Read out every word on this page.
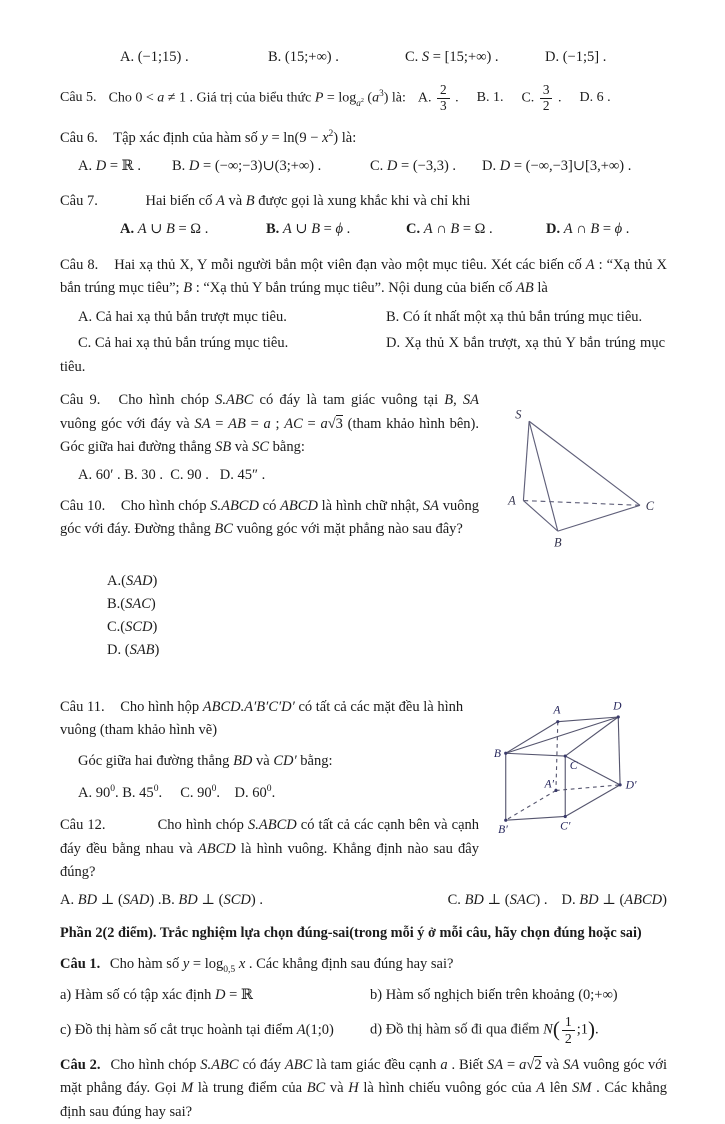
A. (−1;15) .	B. (15;+∞) .	C. S = [15;+∞) .	D. (−1;5] .
Câu 5. Cho 0 < a ≠ 1 . Giá trị của biểu thức $P = \log_{a^2} (a^3)$ là: A. $\frac{2}{3}$ . B. 1. C. $\frac{3}{2}$ . D. 6 .
Câu 6. Tập xác định của hàm số $y = \ln(9 - x^2)$ là:
A. D = ℝ .	B. D = (−∞;−3)∪(3;+∞) .	C. D = (−3,3) .	D. D = (−∞,−3]∪[3,+∞) .
Câu 7.	Hai biến cố A và B được gọi là xung khắc khi và chỉ khi
A. A ∪ B = Ω .	B. A ∪ B = ϕ .	C. A ∩ B = Ω .	D. A ∩ B = ϕ .
Câu 8. Hai xạ thủ X, Y mỗi người bắn một viên đạn vào một mục tiêu. Xét các biến cố A : “Xạ thủ X bắn trúng mục tiêu”; B : “Xạ thủ Y bắn trúng mục tiêu”. Nội dung của biến cố AB là
A. Cả hai xạ thủ bắn trượt mục tiêu.	B. Có ít nhất một xạ thủ bắn trúng mục tiêu.
C. Cả hai xạ thủ bắn trúng mục tiêu.	D. Xạ thủ X bắn trượt, xạ thủ Y bắn trúng mục
tiêu.
Câu 9. Cho hình chóp S.ABC có đáy là tam giác vuông tại B, SA vuông góc với đáy và SA = AB = a ; AC = a√3 (tham khảo hình bên). Góc giữa hai đường thẳng SB và SC bằng:
A. 60′ . B. 30 .  C. 90 .   D. 45″ .
Câu 10. Cho hình chóp S.ABCD có ABCD là hình chữ nhật, SA vuông góc với đáy. Đường thẳng BC vuông góc với mặt phẳng nào sau đây?

A.(SAD)
B.(SAC)
C.(SCD)
D. (SAB)

S
A	C
B
Câu 11. Cho hình hộp ABCD.A′B′C′D′ có tất cả các mặt đều là hình vuông (tham khảo hình vẽ)
Góc giữa hai đường thẳng BD và CD′ bằng:
A. $90^0$. B. $45^0$.     C. $90^0$.    D. $60^0$.
Câu 12.	Cho hình chóp S.ABCD có tất cả các cạnh bên và cạnh đáy đều bằng nhau và ABCD là hình vuông. Khẳng định nào sau đây đúng?
A	D
B
C
A′	D′
B′	C′
A. BD ⊥ (SAD) . B. BD ⊥ (SCD) .	C. BD ⊥ (SAC) . D. BD ⊥ (ABCD)
Phần 2(2 điểm). Trắc nghiệm lựa chọn đúng-sai(trong mỗi ý ở mỗi câu, hãy chọn đúng hoặc sai)
Câu 1. Cho hàm số $y = \log_{0,5} x$ . Các khẳng định sau đúng hay sai?
a) Hàm số có tập xác định D = ℝ	b) Hàm số nghịch biến trên khoảng (0;+∞)
c) Đồ thị hàm số cắt trục hoành tại điểm A(1;0)	d) Đồ thị hàm số đi qua điểm $N( \frac{1}{2}$ ;1).
Câu 2. Cho hình chóp S.ABC có đáy ABC là tam giác đều cạnh a . Biết SA = a√2 và SA vuông góc với mặt phẳng đáy. Gọi M là trung điểm của BC và H là hình chiếu vuông góc của A lên SM . Các khẳng định sau đúng hay sai?
